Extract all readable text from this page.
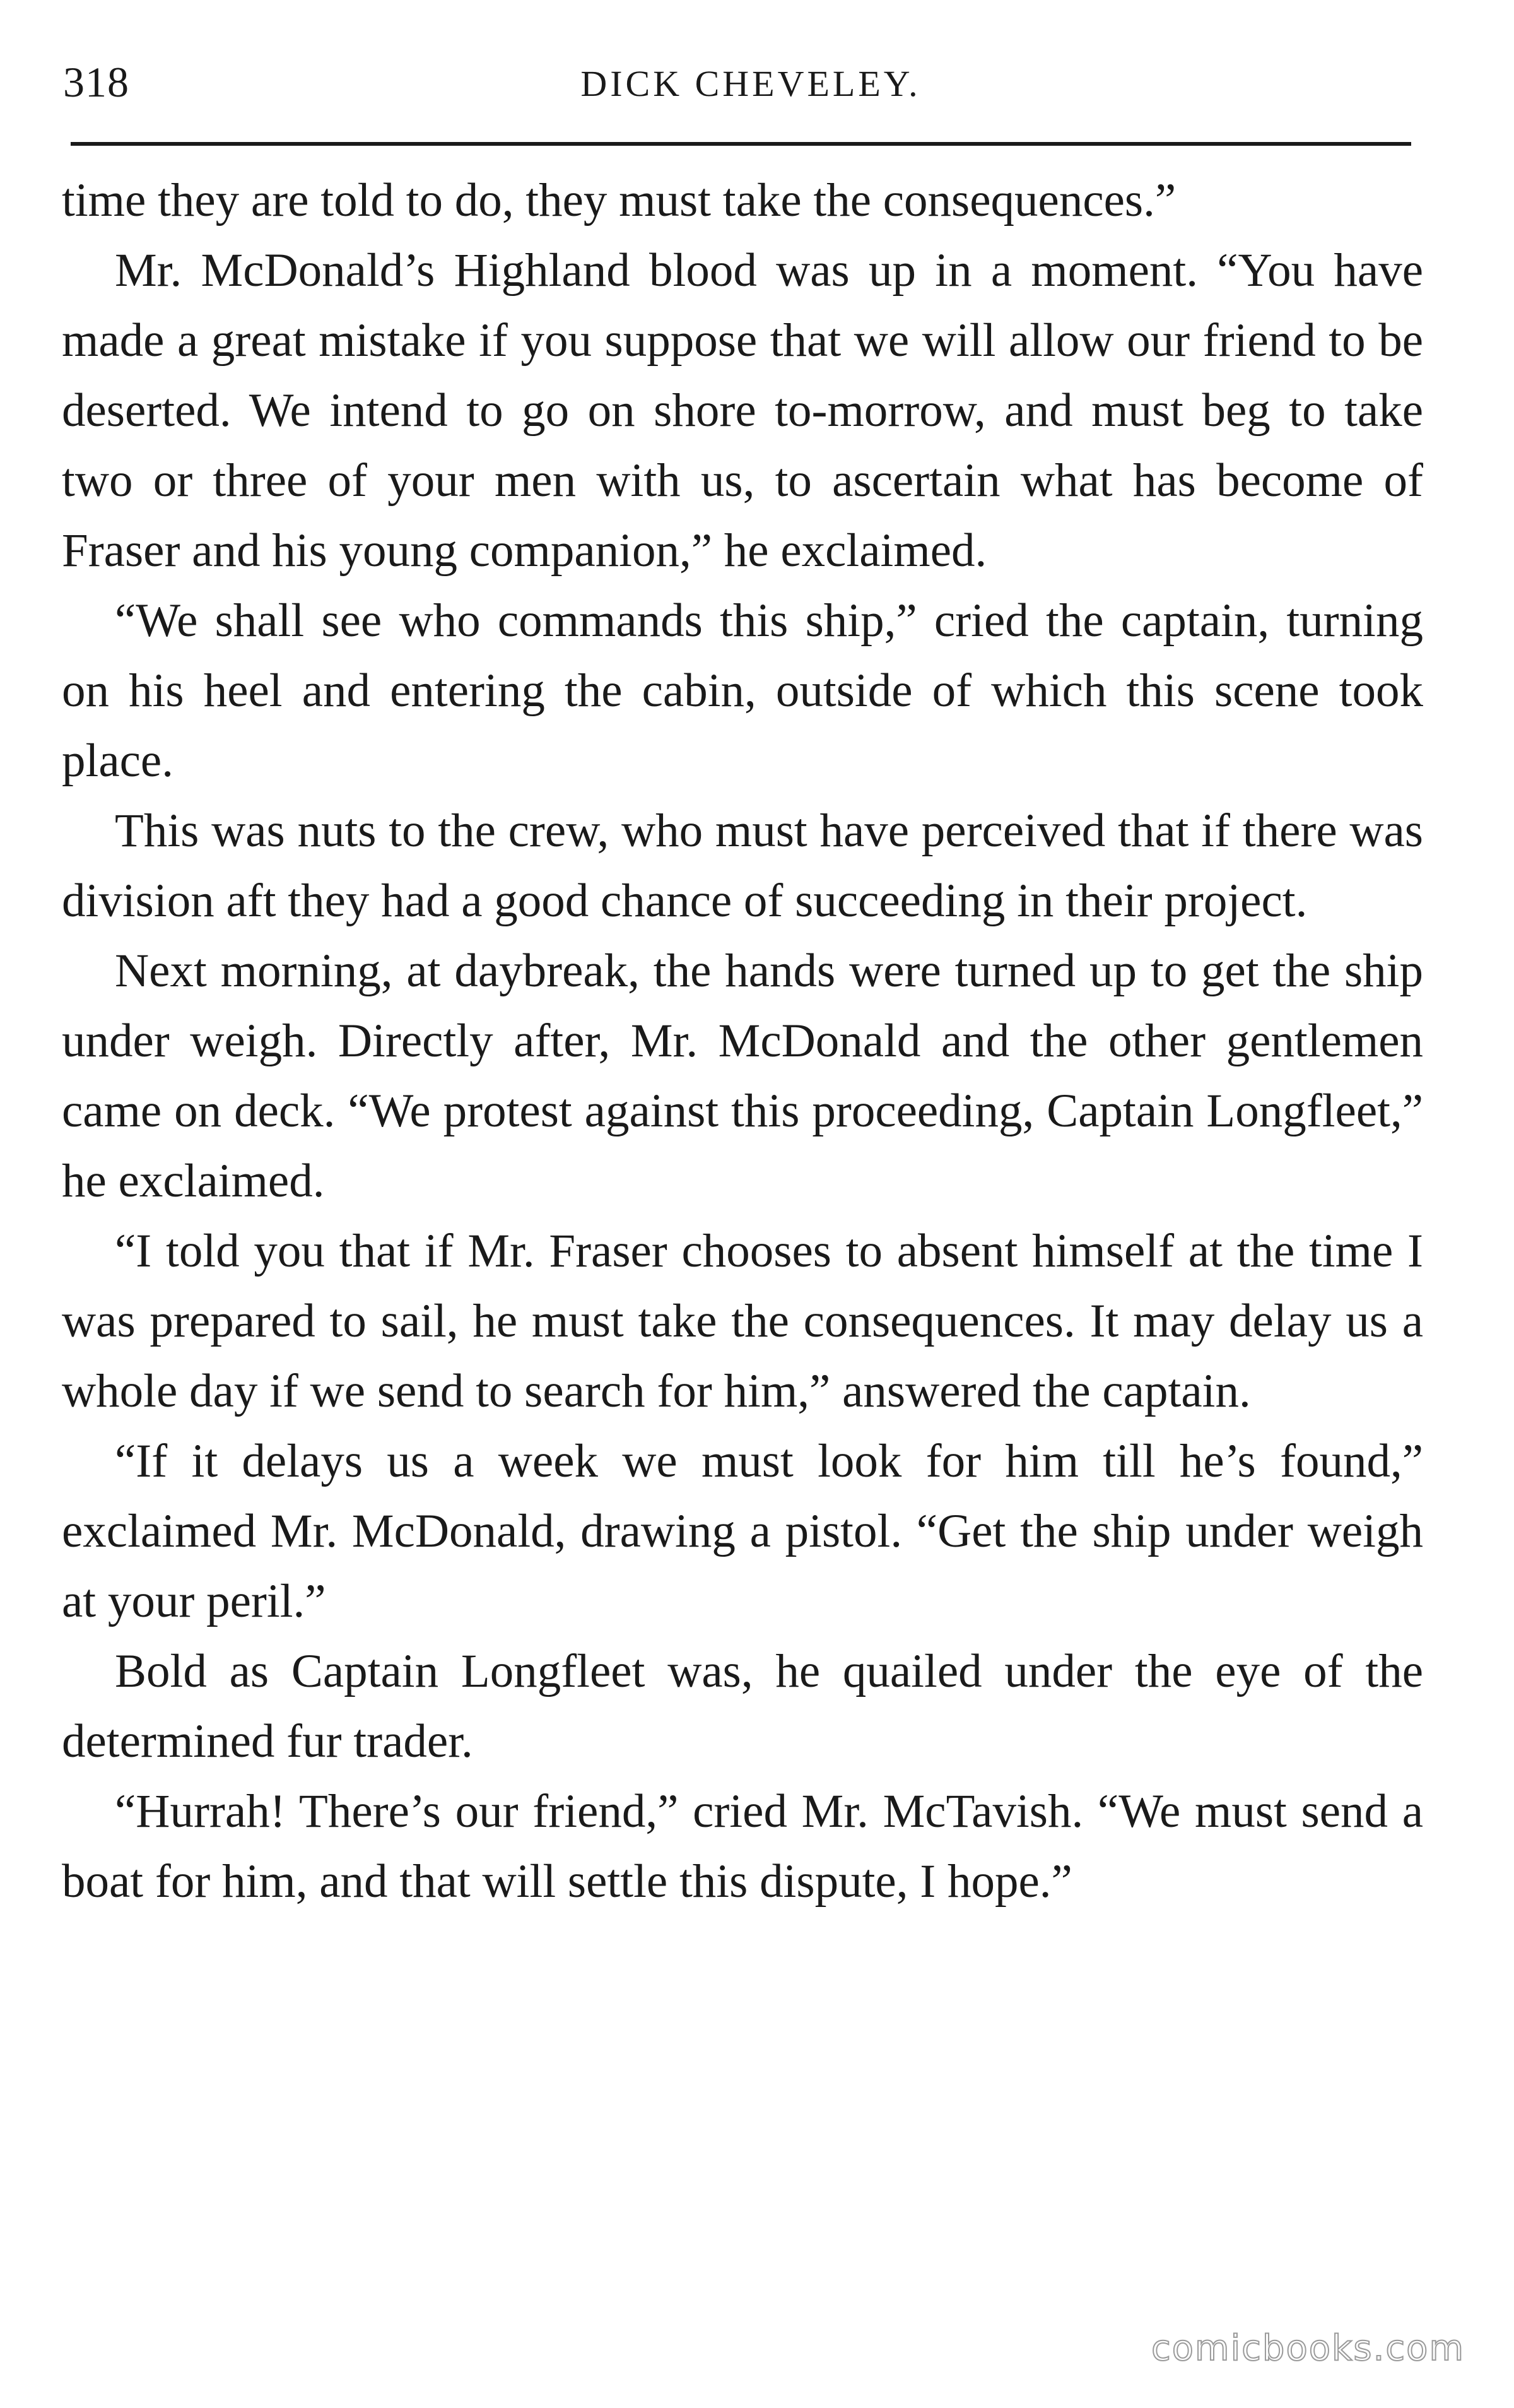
318	DICK CHEVELEY.

time they are told to do, they must take the consequences.”

Mr. McDonald’s Highland blood was up in a moment. “You have made a great mistake if you suppose that we will allow our friend to be deserted. We intend to go on shore to-morrow, and must beg to take two or three of your men with us, to ascertain what has become of Fraser and his young companion,” he exclaimed.

“We shall see who commands this ship,” cried the captain, turning on his heel and entering the cabin, outside of which this scene took place.

This was nuts to the crew, who must have perceived that if there was division aft they had a good chance of succeeding in their project.

Next morning, at daybreak, the hands were turned up to get the ship under weigh. Directly after, Mr. McDonald and the other gentlemen came on deck. “We protest against this proceeding, Captain Longfleet,” he exclaimed.

“I told you that if Mr. Fraser chooses to absent himself at the time I was prepared to sail, he must take the consequences. It may delay us a whole day if we send to search for him,” answered the captain.

“If it delays us a week we must look for him till he’s found,” exclaimed Mr. McDonald, drawing a pistol. “Get the ship under weigh at your peril.”

Bold as Captain Longfleet was, he quailed under the eye of the determined fur trader.

“Hurrah! There’s our friend,” cried Mr. McTavish. “We must send a boat for him, and that will settle this dispute, I hope.”

comicbooks.com
